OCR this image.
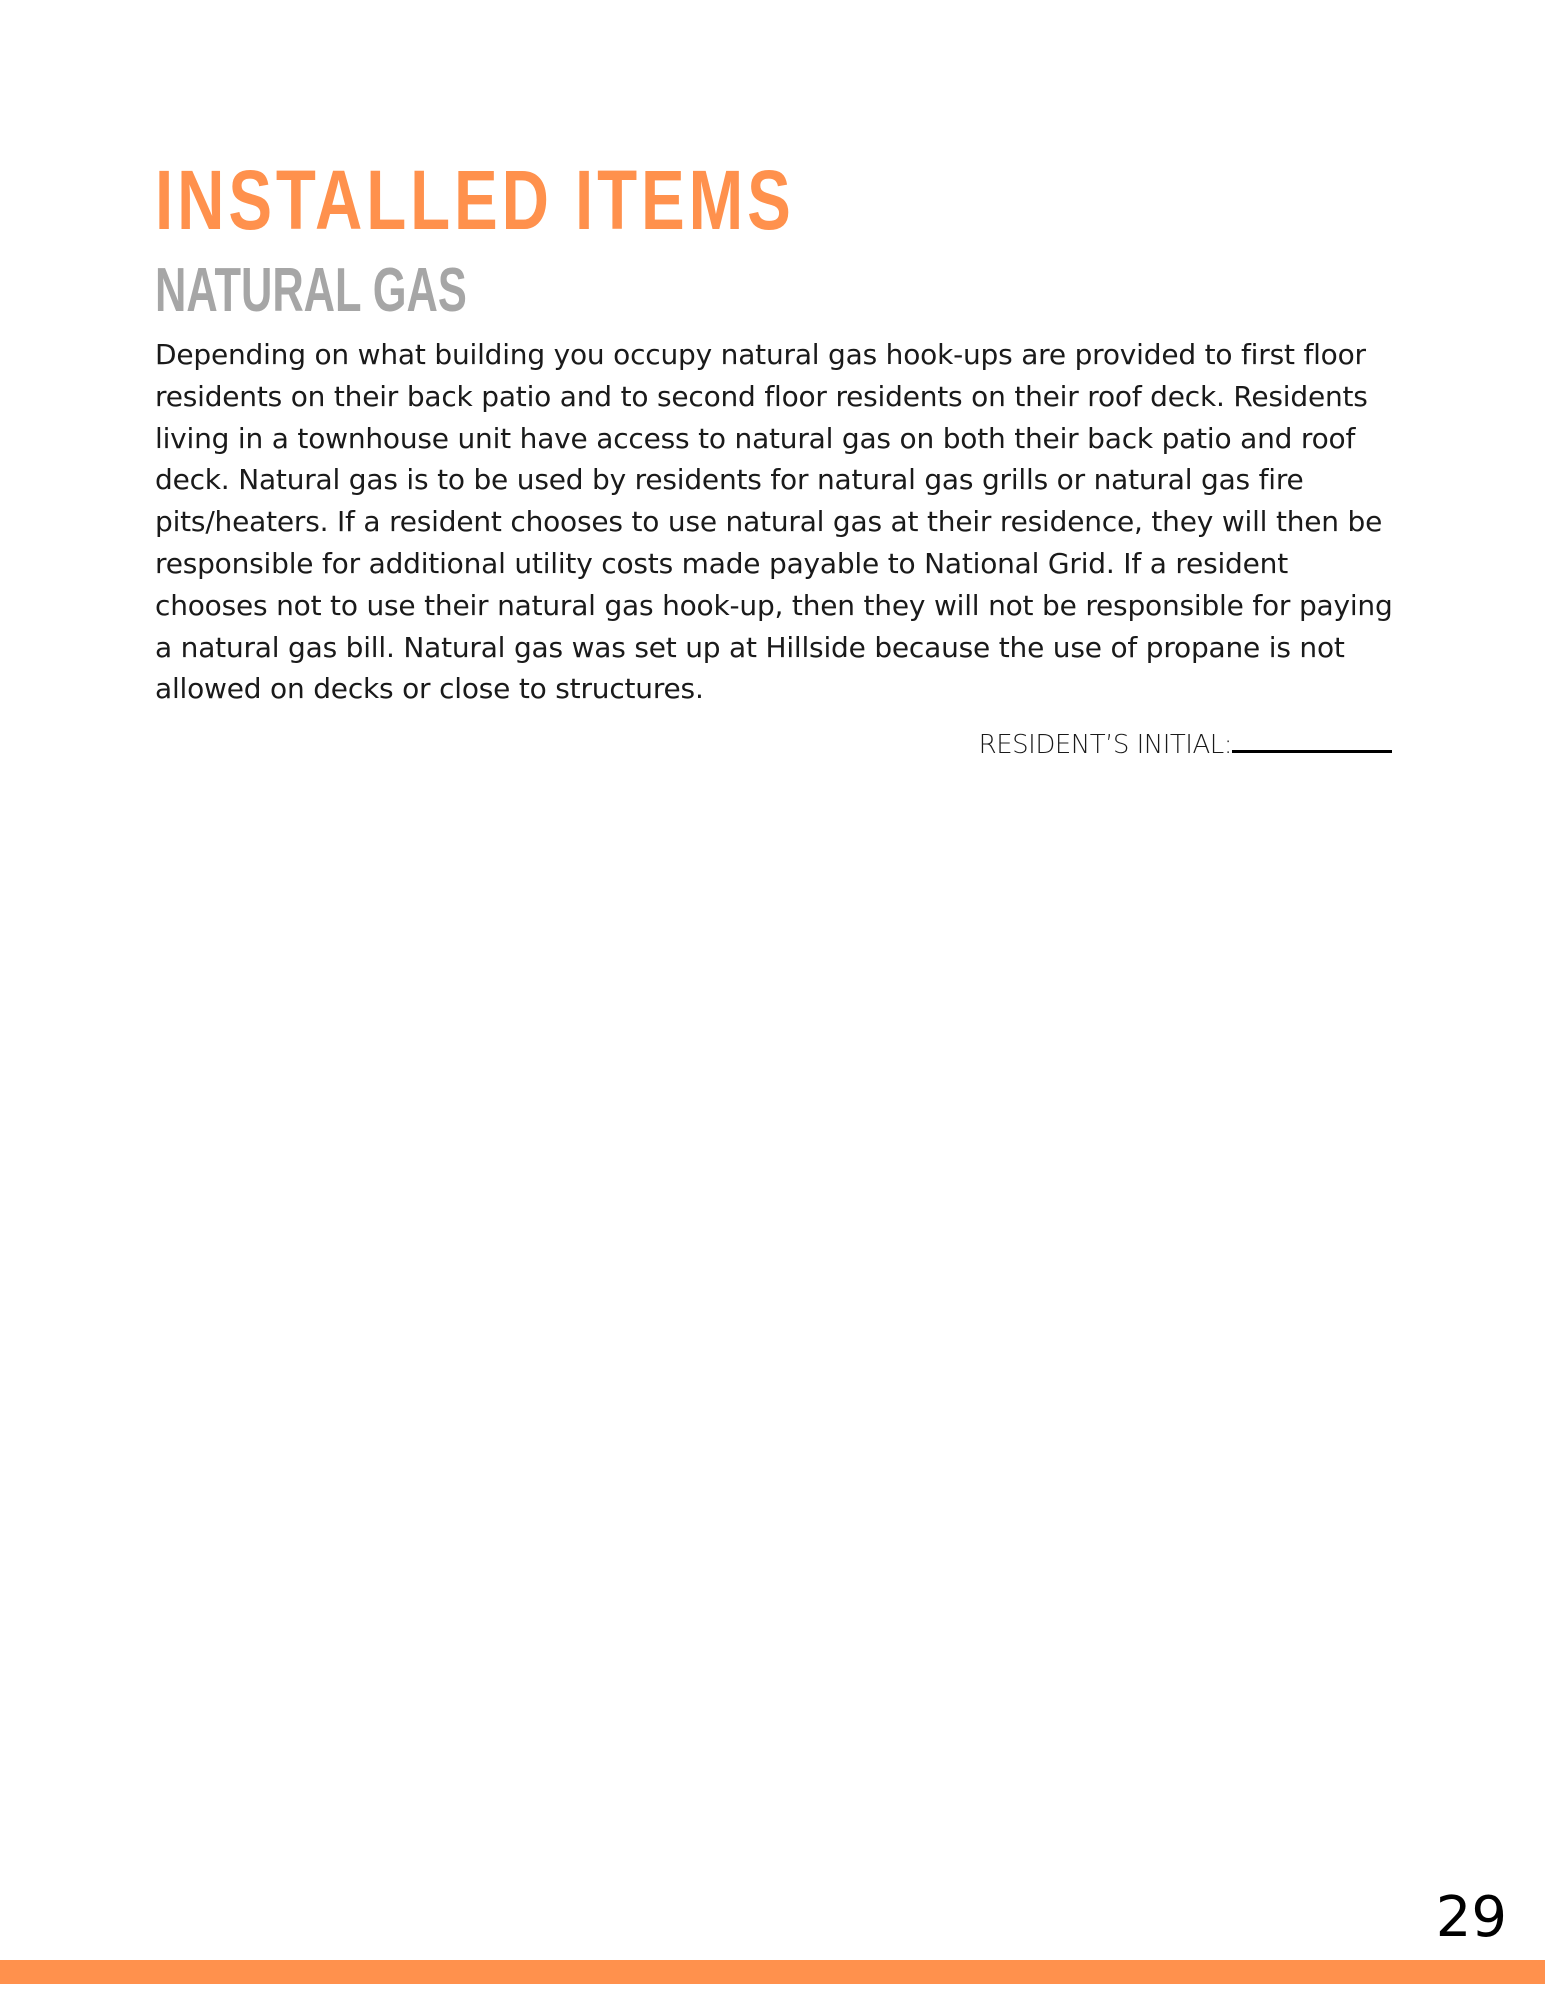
INSTALLED ITEMS
NATURAL GAS

Depending on what building you occupy natural gas hook-ups are provided to first floor residents on their back patio and to second floor residents on their roof deck. Residents living in a townhouse unit have access to natural gas on both their back patio and roof deck. Natural gas is to be used by residents for natural gas grills or natural gas fire pits/heaters. If a resident chooses to use natural gas at their residence, they will then be responsible for additional utility costs made payable to National Grid. If a resident chooses not to use their natural gas hook-up, then they will not be responsible for paying a natural gas bill. Natural gas was set up at Hillside because the use of propane is not allowed on decks or close to structures.

RESIDENT’S INITIAL:
29
